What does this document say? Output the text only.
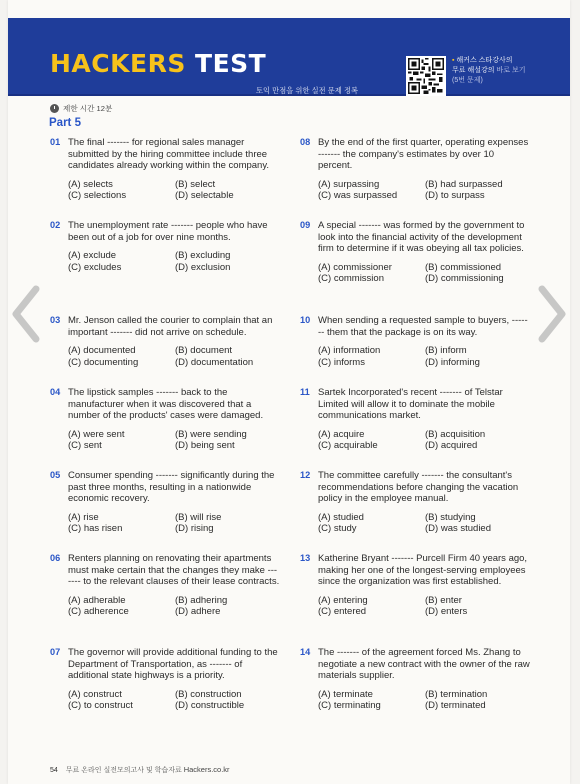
HACKERS TEST
토익 만점을 위한 실전 문제 정복
▪ 해커스 스타강사의
무료 해설강의 바로 보기
(5번 문제)
제한 시간 12분
Part 5
01 The final ------- for regional sales manager submitted by the hiring committee include three candidates already working within the company.
(A) selects	(B) select
(C) selections	(D) selectable
02 The unemployment rate ------- people who have been out of a job for over nine months.
(A) exclude	(B) excluding
(C) excludes	(D) exclusion
03 Mr. Jenson called the courier to complain that an important ------- did not arrive on schedule.
(A) documented	(B) document
(C) documenting	(D) documentation
04 The lipstick samples ------- back to the manufacturer when it was discovered that a number of the products' cases were damaged.
(A) were sent	(B) were sending
(C) sent	(D) being sent
05 Consumer spending ------- significantly during the past three months, resulting in a nationwide economic recovery.
(A) rise	(B) will rise
(C) has risen	(D) rising
06 Renters planning on renovating their apartments must make certain that the changes they make ------- to the relevant clauses of their lease contracts.
(A) adherable	(B) adhering
(C) adherence	(D) adhere
07 The governor will provide additional funding to the Department of Transportation, as ------- of additional state highways is a priority.
(A) construct	(B) construction
(C) to construct	(D) constructible
08 By the end of the first quarter, operating expenses ------- the company's estimates by over 10 percent.
(A) surpassing	(B) had surpassed
(C) was surpassed	(D) to surpass
09 A special ------- was formed by the government to look into the financial activity of the development firm to determine if it was obeying all tax policies.
(A) commissioner	(B) commissioned
(C) commission	(D) commissioning
10 When sending a requested sample to buyers, ------- them that the package is on its way.
(A) information	(B) inform
(C) informs	(D) informing
11 Sartek Incorporated's recent ------- of Telstar Limited will allow it to dominate the mobile communications market.
(A) acquire	(B) acquisition
(C) acquirable	(D) acquired
12 The committee carefully ------- the consultant's recommendations before changing the vacation policy in the employee manual.
(A) studied	(B) studying
(C) study	(D) was studied
13 Katherine Bryant ------- Purcell Firm 40 years ago, making her one of the longest-serving employees since the organization was first established.
(A) entering	(B) enter
(C) entered	(D) enters
14 The ------- of the agreement forced Ms. Zhang to negotiate a new contract with the owner of the raw materials supplier.
(A) terminate	(B) termination
(C) terminating	(D) terminated
54 무료 온라인 실전모의고사 및 학습자료 Hackers.co.kr
